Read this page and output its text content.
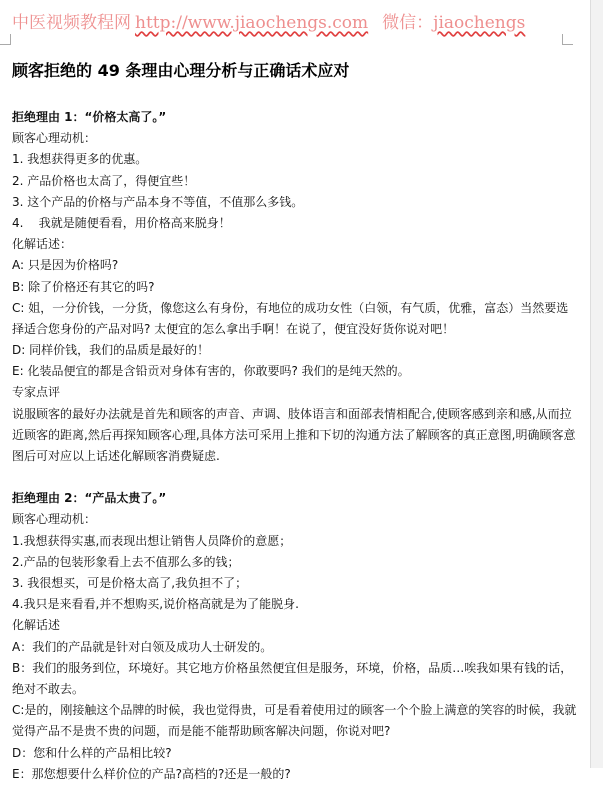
中医视频教程网 http://www.jiaochengs.com 微信：jiaochengs
顾客拒绝的 49 条理由心理分析与正确话术应对
拒绝理由 1：“价格太高了。”
顾客心理动机：
1. 我想获得更多的优惠。
2. 产品价格也太高了，得便宜些！
3. 这个产品的价格与产品本身不等值，不值那么多钱。
4.    我就是随便看看，用价格高来脱身！
化解话述：
A: 只是因为价格吗?
B: 除了价格还有其它的吗?
C: 姐，一分价钱，一分货，像您这么有身份，有地位的成功女性（白领，有气质，优雅，富态）当然要选择适合您身份的产品对吗? 太便宜的怎么拿出手啊！在说了，便宜没好货你说对吧！
D: 同样价钱，我们的品质是最好的！
E: 化装品便宜的都是含铅贡对身体有害的，你敢要吗? 我们的是纯天然的。
专家点评
说服顾客的最好办法就是首先和顾客的声音、声调、肢体语言和面部表情相配合,使顾客感到亲和感,从而拉近顾客的距离,然后再探知顾客心理,具体方法可采用上推和下切的沟通方法了解顾客的真正意图,明确顾客意图后可对应以上话述化解顾客消费疑虑.
拒绝理由 2：“产品太贵了。”
顾客心理动机：
1.我想获得实惠,而表现出想让销售人员降价的意愿；
2.产品的包装形象看上去不值那么多的钱；
3. 我很想买，可是价格太高了,我负担不了；
4.我只是来看看,并不想购买,说价格高就是为了能脱身.
化解话述
A：我们的产品就是针对白领及成功人士研发的。
B：我们的服务到位，环境好。其它地方价格虽然便宜但是服务，环境，价格，品质…唉我如果有钱的话，绝对不敢去。
C:是的，刚接触这个品牌的时候，我也觉得贵，可是看着使用过的顾客一个个脸上满意的笑容的时候，我就觉得产品不是贵不贵的问题，而是能不能帮助顾客解决问题，你说对吧?
D：您和什么样的产品相比较?
E：那您想要什么样价位的产品?高档的?还是一般的?
